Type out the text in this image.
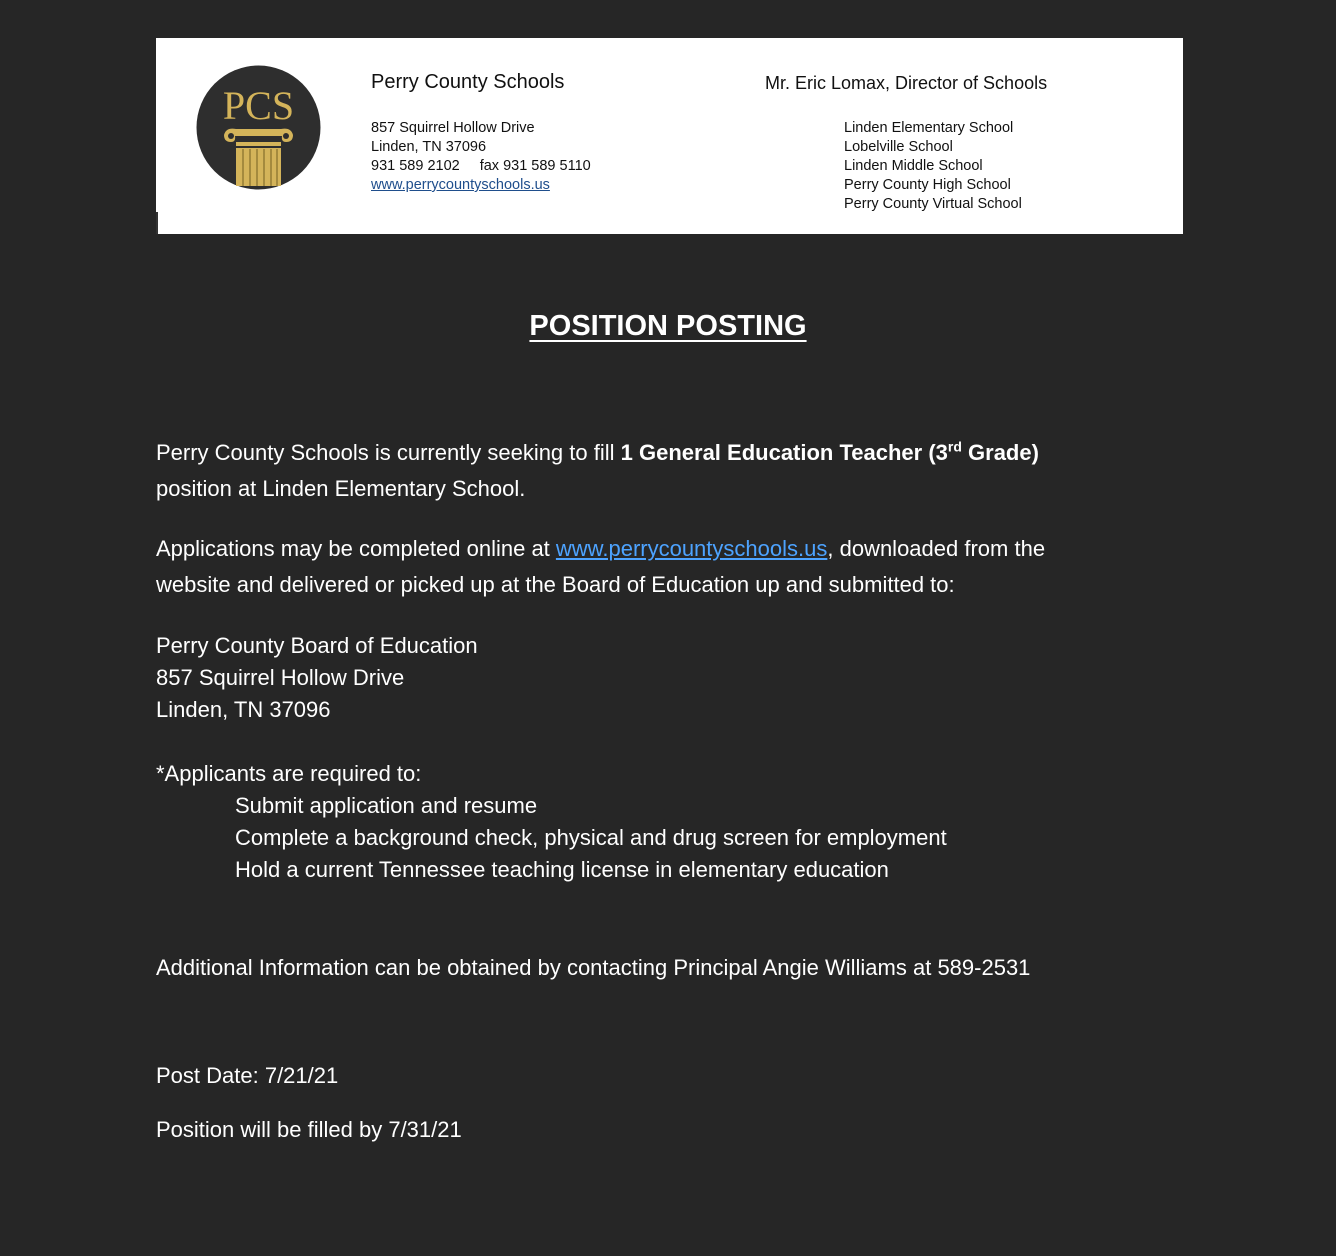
PCS
Perry County Schools
857 Squirrel Hollow Drive
Linden, TN 37096
931 589 2102 fax 931 589 5110
www.perrycountyschools.us
Mr. Eric Lomax, Director of Schools
Linden Elementary School
Lobelville School
Linden Middle School
Perry County High School
Perry County Virtual School
POSITION POSTING
Perry County Schools is currently seeking to fill 1 General Education Teacher (3rd Grade)
position at Linden Elementary School.
Applications may be completed online at www.perrycountyschools.us, downloaded from the
website and delivered or picked up at the Board of Education up and submitted to:
Perry County Board of Education
857 Squirrel Hollow Drive
Linden, TN 37096
*Applicants are required to:
Submit application and resume
Complete a background check, physical and drug screen for employment
Hold a current Tennessee teaching license in elementary education
Additional Information can be obtained by contacting Principal Angie Williams at 589-2531
Post Date: 7/21/21
Position will be filled by 7/31/21
